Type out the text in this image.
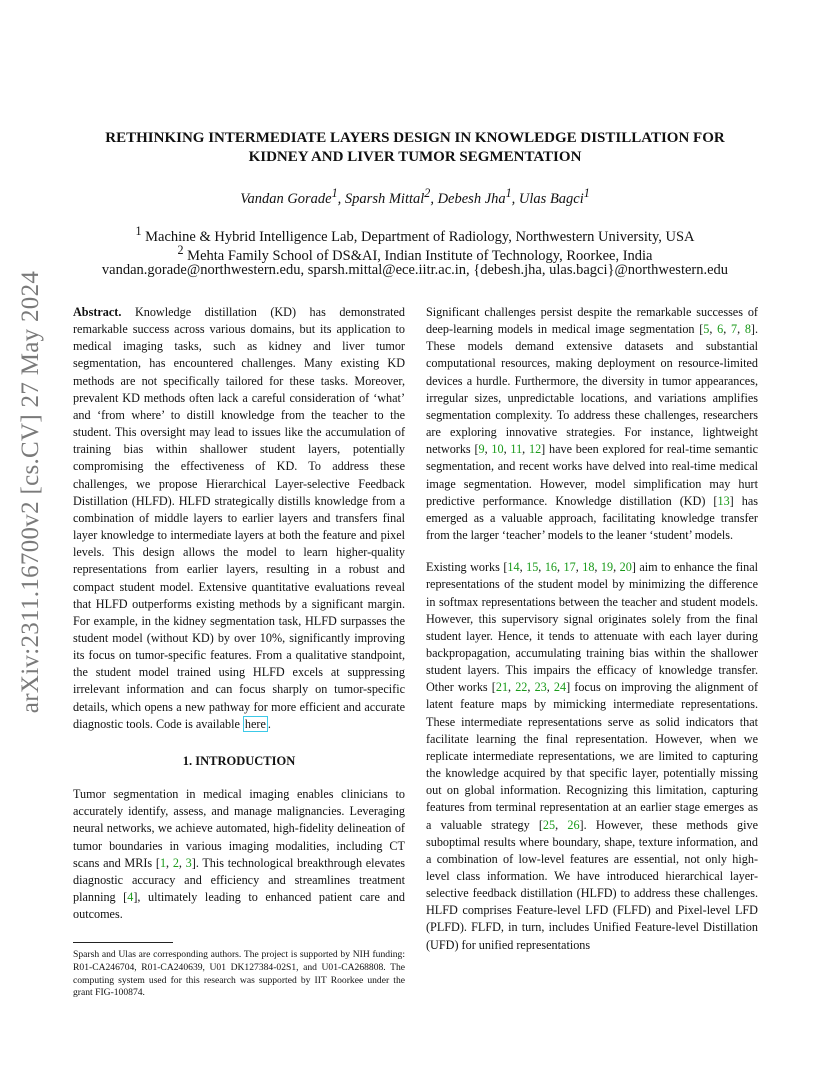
arXiv:2311.16700v2 [cs.CV] 27 May 2024
RETHINKING INTERMEDIATE LAYERS DESIGN IN KNOWLEDGE DISTILLATION FOR
KIDNEY AND LIVER TUMOR SEGMENTATION
Vandan Gorade$^1$, Sparsh Mittal$^2$, Debesh Jha$^1$, Ulas Bagci$^1$
$^1$ Machine & Hybrid Intelligence Lab, Department of Radiology, Northwestern University, USA
$^2$ Mehta Family School of DS&AI, Indian Institute of Technology, Roorkee, India
vandan.gorade@northwestern.edu, sparsh.mittal@ece.iitr.ac.in, {debesh.jha, ulas.bagci}@northwestern.edu

Abstract. Knowledge distillation (KD) has demonstrated remarkable success across various domains, but its application to medical imaging tasks, such as kidney and liver tumor segmentation, has encountered challenges. Many existing KD methods are not specifically tailored for these tasks. Moreover, prevalent KD methods often lack a careful consideration of ‘what’ and ‘from where’ to distill knowledge from the teacher to the student. This oversight may lead to issues like the accumulation of training bias within shallower student layers, potentially compromising the effectiveness of KD. To address these challenges, we propose Hierarchical Layer-selective Feedback Distillation (HLFD). HLFD strategically distills knowledge from a combination of middle layers to earlier layers and transfers final layer knowledge to intermediate layers at both the feature and pixel levels. This design allows the model to learn higher-quality representations from earlier layers, resulting in a robust and compact student model. Extensive quantitative evaluations reveal that HLFD outperforms existing methods by a significant margin. For example, in the kidney segmentation task, HLFD surpasses the student model (without KD) by over 10%, significantly improving its focus on tumor-specific features. From a qualitative standpoint, the student model trained using HLFD excels at suppressing irrelevant information and can focus sharply on tumor-specific details, which opens a new pathway for more efficient and accurate diagnostic tools. Code is available here .

1. INTRODUCTION

Tumor segmentation in medical imaging enables clinicians to accurately identify, assess, and manage malignancies. Leveraging neural networks, we achieve automated, high-fidelity delineation of tumor boundaries in various imaging modalities, including CT scans and MRIs [1, 2, 3]. This technological breakthrough elevates diagnostic accuracy and efficiency and streamlines treatment planning [4], ultimately leading to enhanced patient care and outcomes.

Sparsh and Ulas are corresponding authors. The project is supported by NIH funding: R01-CA246704, R01-CA240639, U01 DK127384-02S1, and U01-CA268808. The computing system used for this research was supported by IIT Roorkee under the grant FIG-100874.

Significant challenges persist despite the remarkable successes of deep-learning models in medical image segmentation [5, 6, 7, 8]. These models demand extensive datasets and substantial computational resources, making deployment on resource-limited devices a hurdle. Furthermore, the diversity in tumor appearances, irregular sizes, unpredictable locations, and variations amplifies segmentation complexity. To address these challenges, researchers are exploring innovative strategies. For instance, lightweight networks [9, 10, 11, 12] have been explored for real-time semantic segmentation, and recent works have delved into real-time medical image segmentation. However, model simplification may hurt predictive performance. Knowledge distillation (KD) [13] has emerged as a valuable approach, facilitating knowledge transfer from the larger ‘teacher’ models to the leaner ‘student’ models.

Existing works [14, 15, 16, 17, 18, 19, 20] aim to enhance the final representations of the student model by minimizing the difference in softmax representations between the teacher and student models. However, this supervisory signal originates solely from the final student layer. Hence, it tends to attenuate with each layer during backpropagation, accumulating training bias within the shallower student layers. This impairs the efficacy of knowledge transfer. Other works [21, 22, 23, 24] focus on improving the alignment of latent feature maps by mimicking intermediate representations. These intermediate representations serve as solid indicators that facilitate learning the final representation. However, when we replicate intermediate representations, we are limited to capturing the knowledge acquired by that specific layer, potentially missing out on global information. Recognizing this limitation, capturing features from terminal representation at an earlier stage emerges as a valuable strategy [25, 26]. However, these methods give suboptimal results where boundary, shape, texture information, and a combination of low-level features are essential, not only high-level class information. We have introduced hierarchical layer-selective feedback distillation (HLFD) to address these challenges. HLFD comprises Feature-level LFD (FLFD) and Pixel-level LFD (PLFD). FLFD, in turn, includes Unified Feature-level Distillation (UFD) for unified representations
